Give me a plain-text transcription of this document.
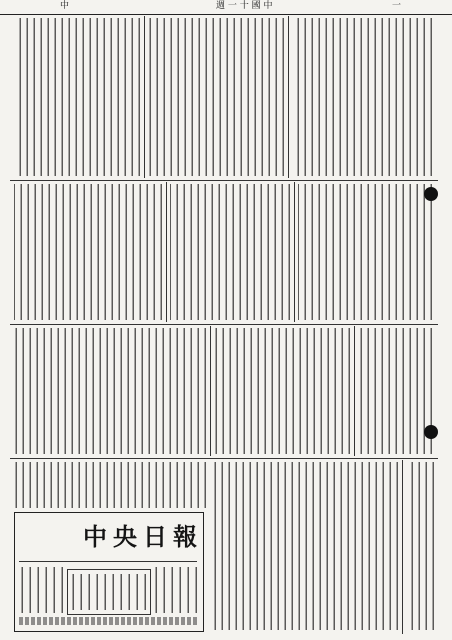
中	週 一 十 國 中	一
中央日報
